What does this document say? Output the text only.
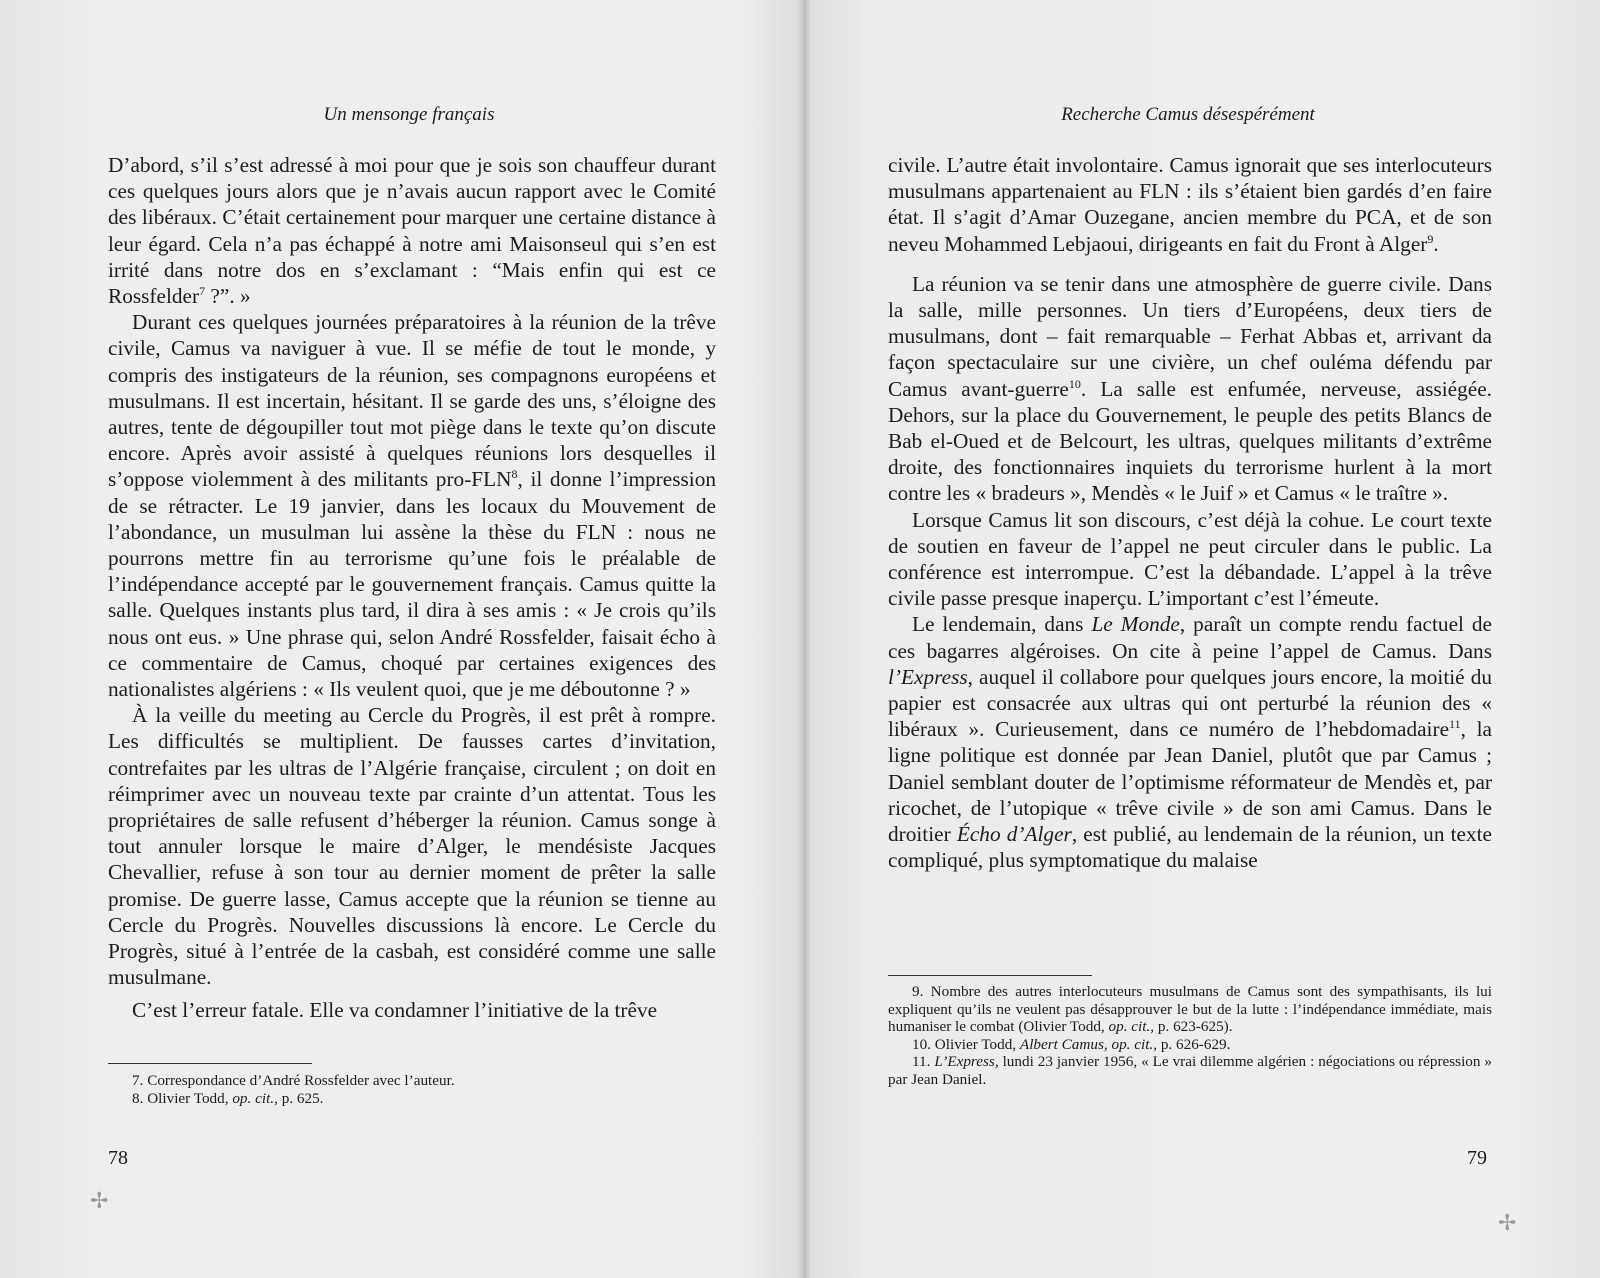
Un mensonge français

D’abord, s’il s’est adressé à moi pour que je sois son chauffeur durant ces quelques jours alors que je n’avais aucun rapport avec le Comité des libéraux. C’était certainement pour marquer une certaine distance à leur égard. Cela n’a pas échappé à notre ami Maisonseul qui s’en est irrité dans notre dos en s’exclamant : “Mais enfin qui est ce Rossfelder$^7$ ?”. »

Durant ces quelques journées préparatoires à la réunion de la trêve civile, Camus va naviguer à vue. Il se méfie de tout le monde, y compris des instigateurs de la réunion, ses compagnons européens et musulmans. Il est incertain, hésitant. Il se garde des uns, s’éloigne des autres, tente de dégoupiller tout mot piège dans le texte qu’on discute encore. Après avoir assisté à quelques réunions lors desquelles il s’oppose violemment à des militants pro-FLN$^8$, il donne l’impression de se rétracter. Le 19 janvier, dans les locaux du Mouvement de l’abondance, un musulman lui assène la thèse du FLN : nous ne pourrons mettre fin au terrorisme qu’une fois le préalable de l’indépendance accepté par le gouvernement français. Camus quitte la salle. Quelques instants plus tard, il dira à ses amis : « Je crois qu’ils nous ont eus. » Une phrase qui, selon André Rossfelder, faisait écho à ce commentaire de Camus, choqué par certaines exigences des nationalistes algériens : « Ils veulent quoi, que je me déboutonne ? »

À la veille du meeting au Cercle du Progrès, il est prêt à rompre. Les difficultés se multiplient. De fausses cartes d’invitation, contrefaites par les ultras de l’Algérie française, circulent ; on doit en réimprimer avec un nouveau texte par crainte d’un attentat. Tous les propriétaires de salle refusent d’héberger la réunion. Camus songe à tout annuler lorsque le maire d’Alger, le mendésiste Jacques Chevallier, refuse à son tour au dernier moment de prêter la salle promise. De guerre lasse, Camus accepte que la réunion se tienne au Cercle du Progrès. Nouvelles discussions là encore. Le Cercle du Progrès, situé à l’entrée de la casbah, est considéré comme une salle musulmane.

C’est l’erreur fatale. Elle va condamner l’initiative de la trêve

7. Correspondance d’André Rossfelder avec l’auteur.

8. Olivier Todd, op. cit., p. 625.

78
✢
Recherche Camus désespérément

civile. L’autre était involontaire. Camus ignorait que ses interlocuteurs musulmans appartenaient au FLN : ils s’étaient bien gardés d’en faire état. Il s’agit d’Amar Ouzegane, ancien membre du PCA, et de son neveu Mohammed Lebjaoui, dirigeants en fait du Front à Alger$^9$.

La réunion va se tenir dans une atmosphère de guerre civile. Dans la salle, mille personnes. Un tiers d’Européens, deux tiers de musulmans, dont – fait remarquable – Ferhat Abbas et, arrivant da façon spectaculaire sur une civière, un chef ouléma défendu par Camus avant-guerre$^{10}$. La salle est enfumée, nerveuse, assiégée. Dehors, sur la place du Gouvernement, le peuple des petits Blancs de Bab el-Oued et de Belcourt, les ultras, quelques militants d’extrême droite, des fonctionnaires inquiets du terrorisme hurlent à la mort contre les « bradeurs », Mendès « le Juif » et Camus « le traître ».

Lorsque Camus lit son discours, c’est déjà la cohue. Le court texte de soutien en faveur de l’appel ne peut circuler dans le public. La conférence est interrompue. C’est la débandade. L’appel à la trêve civile passe presque inaperçu. L’important c’est l’émeute.

Le lendemain, dans Le Monde, paraît un compte rendu factuel de ces bagarres algéroises. On cite à peine l’appel de Camus. Dans l’Express, auquel il collabore pour quelques jours encore, la moitié du papier est consacrée aux ultras qui ont perturbé la réunion des « libéraux ». Curieusement, dans ce numéro de l’hebdomadaire$^{11}$, la ligne politique est donnée par Jean Daniel, plutôt que par Camus ; Daniel semblant douter de l’optimisme réformateur de Mendès et, par ricochet, de l’utopique « trêve civile » de son ami Camus. Dans le droitier Écho d’Alger, est publié, au lendemain de la réunion, un texte compliqué, plus symptomatique du malaise

9. Nombre des autres interlocuteurs musulmans de Camus sont des sympathisants, ils lui expliquent qu’ils ne veulent pas désapprouver le but de la lutte : l’indépendance immédiate, mais humaniser le combat (Olivier Todd, op. cit., p. 623-625).

10. Olivier Todd, Albert Camus, op. cit., p. 626-629.

11. L’Express, lundi 23 janvier 1956, « Le vrai dilemme algérien : négociations ou répression » par Jean Daniel.

79
✢
